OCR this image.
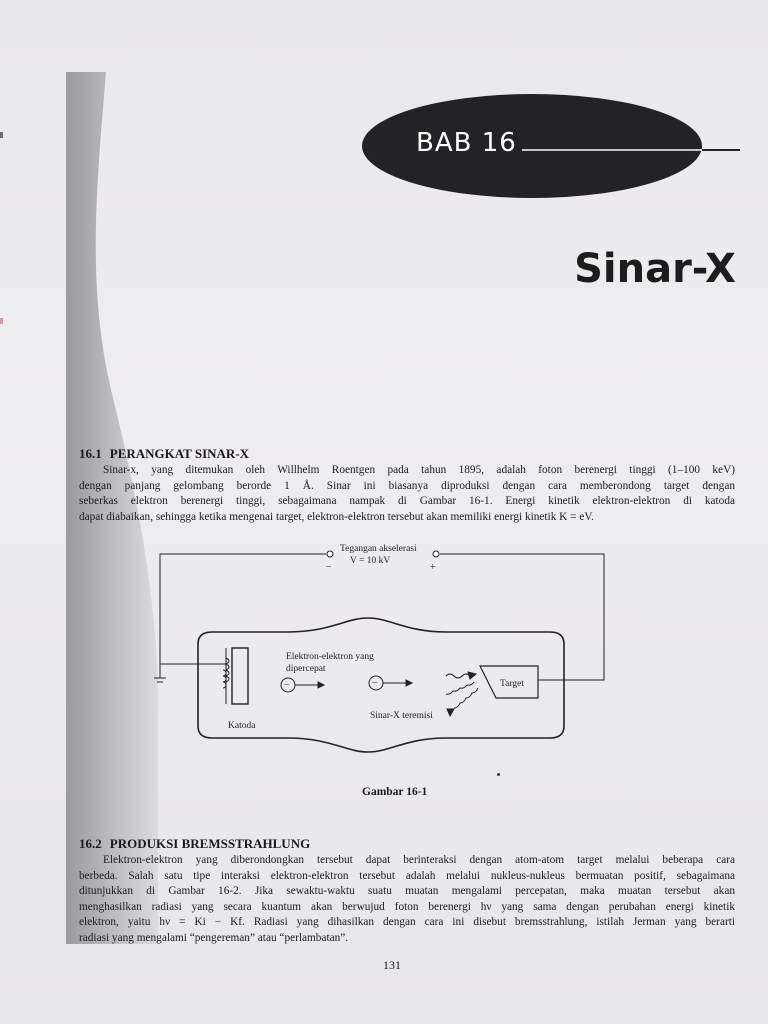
BAB 16
Sinar-X
16.1 PERANGKAT SINAR-X
Sinar-x, yang ditemukan oleh Willhelm Roentgen pada tahun 1895, adalah foton berenergi tinggi (1–100 keV)
dengan panjang gelombang berorde 1 Å. Sinar ini biasanya diproduksi dengan cara memberondong target dengan
seberkas elektron berenergi tinggi, sebagaimana nampak di Gambar 16-1. Energi kinetik elektron-elektron di katoda
dapat diabaikan, sehingga ketika mengenai target, elektron-elektron tersebut akan memiliki energi kinetik K = eV.
Tegangan akselerasi
V = 10 kV
−	+
Katoda
−	−
Elektron-elektron yang
dipercepat
Target
Sinar-X teremisi
Gambar 16-1
16.2 PRODUKSI BREMSSTRAHLUNG
Elektron-elektron yang diberondongkan tersebut dapat berinteraksi dengan atom-atom target melalui beberapa cara
berbeda. Salah satu tipe interaksi elektron-elektron tersebut adalah melalui nukleus-nukleus bermuatan positif, sebagaimana
ditunjukkan di Gambar 16-2. Jika sewaktu-waktu suatu muatan mengalami percepatan, maka muatan tersebut akan
menghasilkan radiasi yang secara kuantum akan berwujud foton berenergi hν yang sama dengan perubahan energi kinetik
elektron, yaitu hν = Ki − Kf. Radiasi yang dihasilkan dengan cara ini disebut bremsstrahlung, istilah Jerman yang berarti
radiasi yang mengalami “pengereman” atau “perlambatan”.
131
